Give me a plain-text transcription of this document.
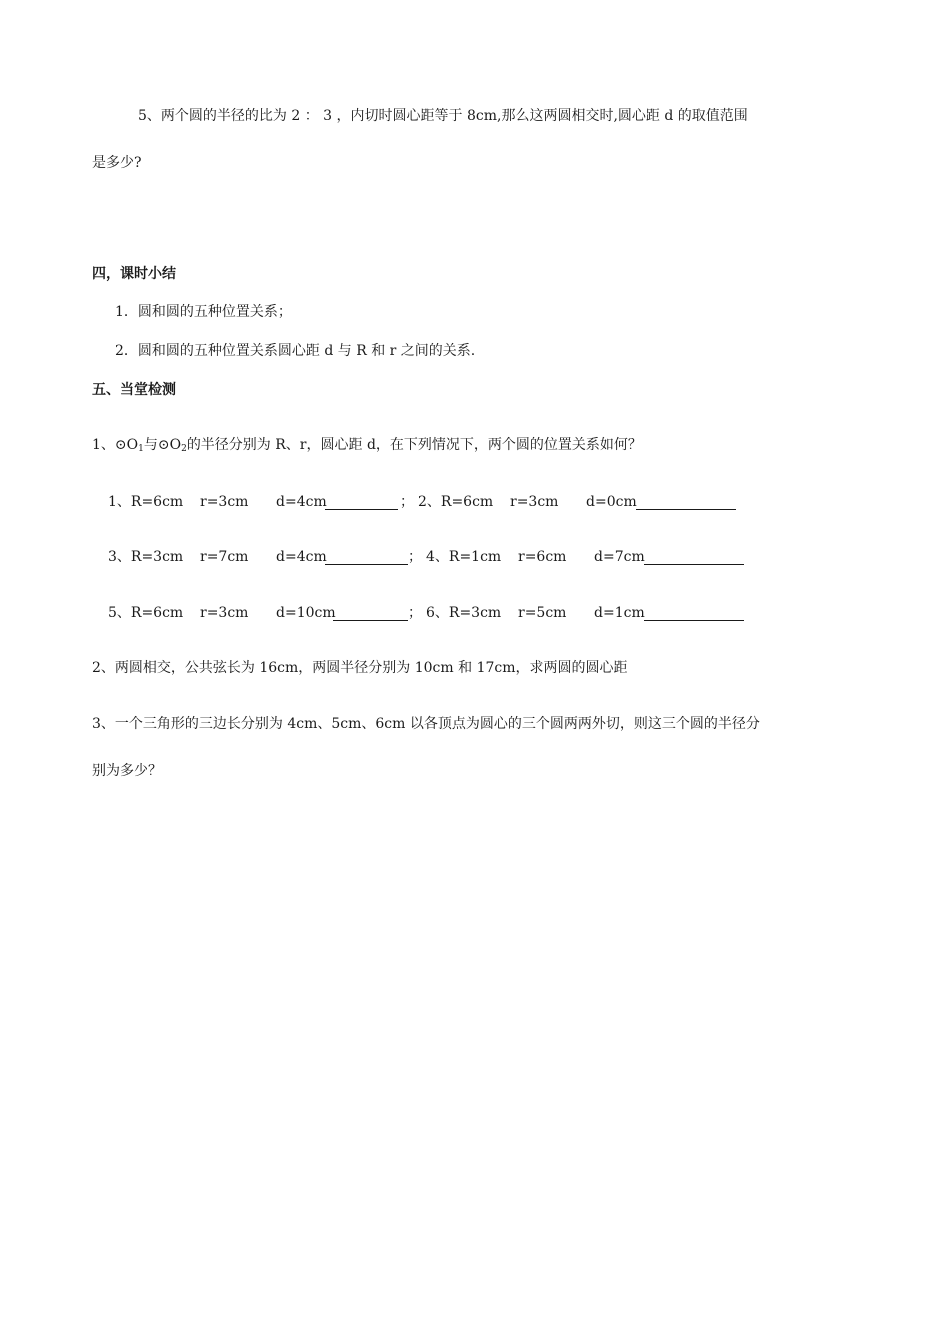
5、两个圆的半径的比为 2 ： 3 ，内切时圆心距等于 8cm,那么这两圆相交时,圆心距 d 的取值范围
是多少?
四，课时小结
1．圆和圆的五种位置关系；
2．圆和圆的五种位置关系圆心距 d 与 R 和 r 之间的关系.
五、当堂检测
1、$⊙O_1$与$⊙O_2$的半径分别为 R、r，圆心距 d，在下列情况下，两个圆的位置关系如何？
1、R=6cm r=3cm d=4cm	； 2、R=6cm r=3cm d=0cm
3、R=3cm r=7cm d=4cm	； 4、R=1cm r=6cm d=7cm
5、R=6cm r=3cm d=10cm	； 6、R=3cm r=5cm d=1cm
2、两圆相交，公共弦长为 16cm，两圆半径分别为 10cm 和 17cm，求两圆的圆心距
3、一个三角形的三边长分别为 4cm、5cm、6cm 以各顶点为圆心的三个圆两两外切，则这三个圆的半径分
别为多少？
